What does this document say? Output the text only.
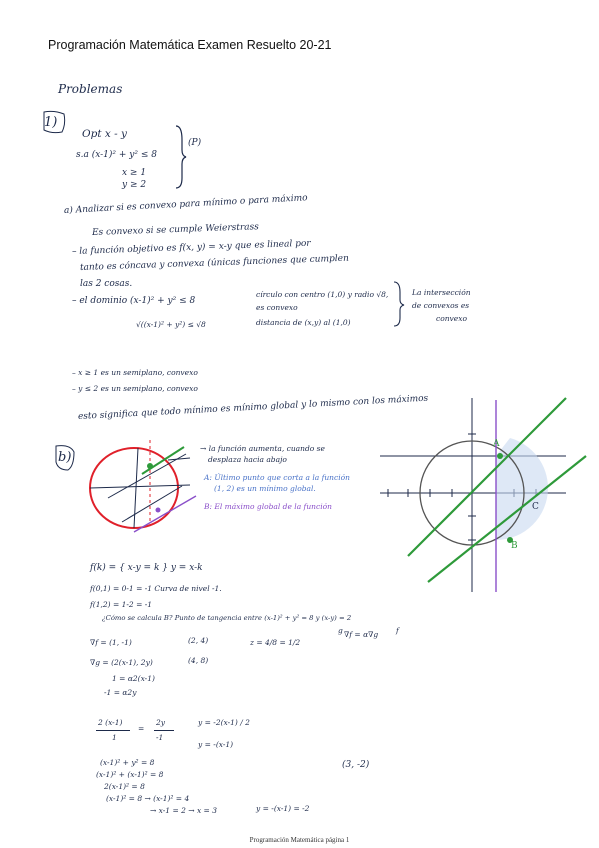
Programación Matemática Examen Resuelto 20-21
Problemas
1)
Opt x - y
s.a (x-1)² + y² ≤ 8
x ≥ 1
y ≥ 2
(P)
a) Analizar si es convexo para mínimo o para máximo
Es convexo si se cumple Weierstrass
– la función objetivo es f(x, y) = x-y que es lineal por
tanto es cóncava y convexa (únicas funciones que cumplen
las 2 cosas.
– el dominio (x-1)² + y² ≤ 8
círculo con centro (1,0) y radio √8,
es convexo
√((x-1)² + y²) ≤ √8	distancia de (x,y) al (1,0)
La intersección
de convexos es
convexo
– x ≥ 1 es un semiplano, convexo
– y ≤ 2 es un semiplano, convexo
esto significa que todo mínimo es mínimo global y lo mismo con los máximos
b)
→ la función aumenta, cuando se
desplaza hacia abajo
A: Último punto que corta a la función
(1, 2) es un mínimo global.
B: El máximo global de la función
A
B
C
f(k) = { x-y = k } y = x-k
f(0,1) = 0-1 = -1 Curva de nivel -1.
f(1,2) = 1-2 = -1
¿Cómo se calcula B? Punto de tangencia entre (x-1)² + y² = 8 y (x-y) = 2
g	f
∇f = (1, -1)	(2, 4)
∇g = (2(x-1), 2y)	(4, 8)
z = 4/8 = 1/2
∇f = α∇g
1 = α2(x-1)
-1 = α2y
2 (x-1)
1
=
2y
-1
y = -2(x-1) / 2
y = -(x-1)
(x-1)² + y² = 8
(x-1)² + (x-1)² = 8
2(x-1)² = 8
(x-1)² = 8 → (x-1)² = 4
→ x-1 = 2 → x = 3	y = -(x-1) = -2
(3, -2)
Programación Matemática página 1
